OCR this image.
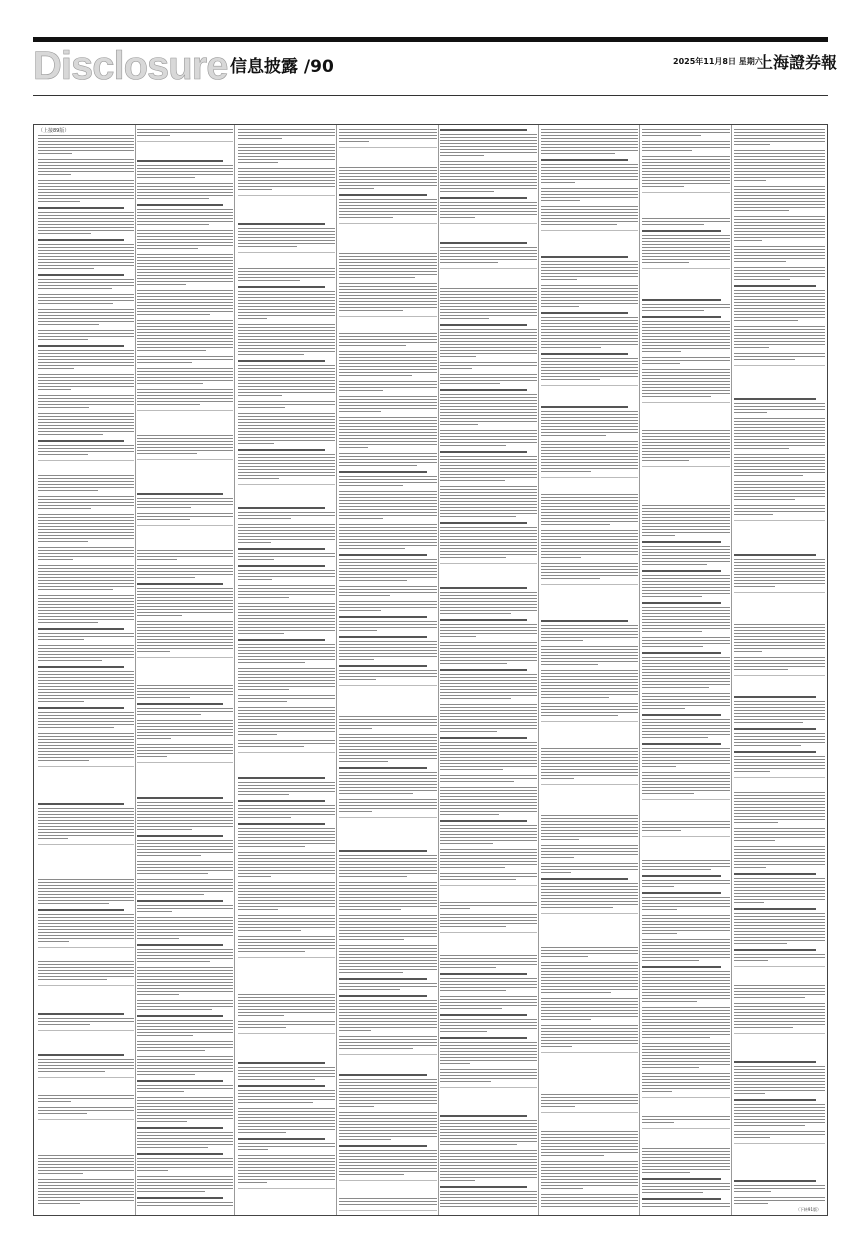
Disclosure 信息披露 /90	2025年11月8日 星期六
上海證券報
（上接89版）
（下转91版）
